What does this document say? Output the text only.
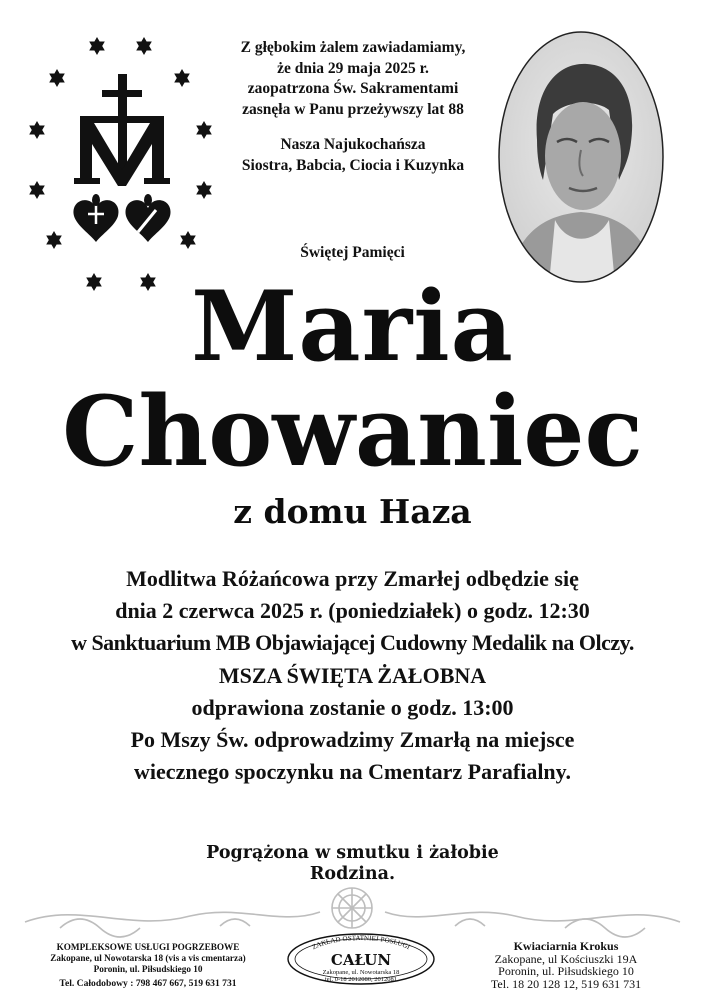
Z głębokim żalem zawiadamiamy,
że dnia 29 maja 2025 r.
zaopatrzona Św. Sakramentami
zasnęła w Panu przeżywszy lat 88
Nasza Najukochańsza
Siostra, Babcia, Ciocia i Kuzynka
Świętej Pamięci
Maria
Chowaniec
z domu Haza
Modlitwa Różańcowa przy Zmarłej odbędzie się
dnia 2 czerwca 2025 r. (poniedziałek) o godz. 12:30
w Sanktuarium MB Objawiającej Cudowny Medalik na Olczy.
MSZA ŚWIĘTA ŻAŁOBNA
odprawiona zostanie o godz. 13:00
Po Mszy Św. odprowadzimy Zmarłą na miejsce
wiecznego spoczynku na Cmentarz Parafialny.
Pogrążona w smutku i żałobie
Rodzina.
KOMPLEKSOWE USŁUGI POGRZEBOWE
Zakopane, ul Nowotarska 18 (vis a vis cmentarza)
Poronin, ul. Piłsudskiego 10
Tel. Całodobowy : 798 467 667, 519 631 731
ZAKŁAD OSTATNIEJ POSŁUGI
CAŁUN
Zakopane, ul. Nowotarska 18
tel. 0-18 2012080, 2012081
Kwiaciarnia Krokus
Zakopane, ul Kościuszki 19A
Poronin, ul. Piłsudskiego 10
Tel. 18 20 128 12, 519 631 731
